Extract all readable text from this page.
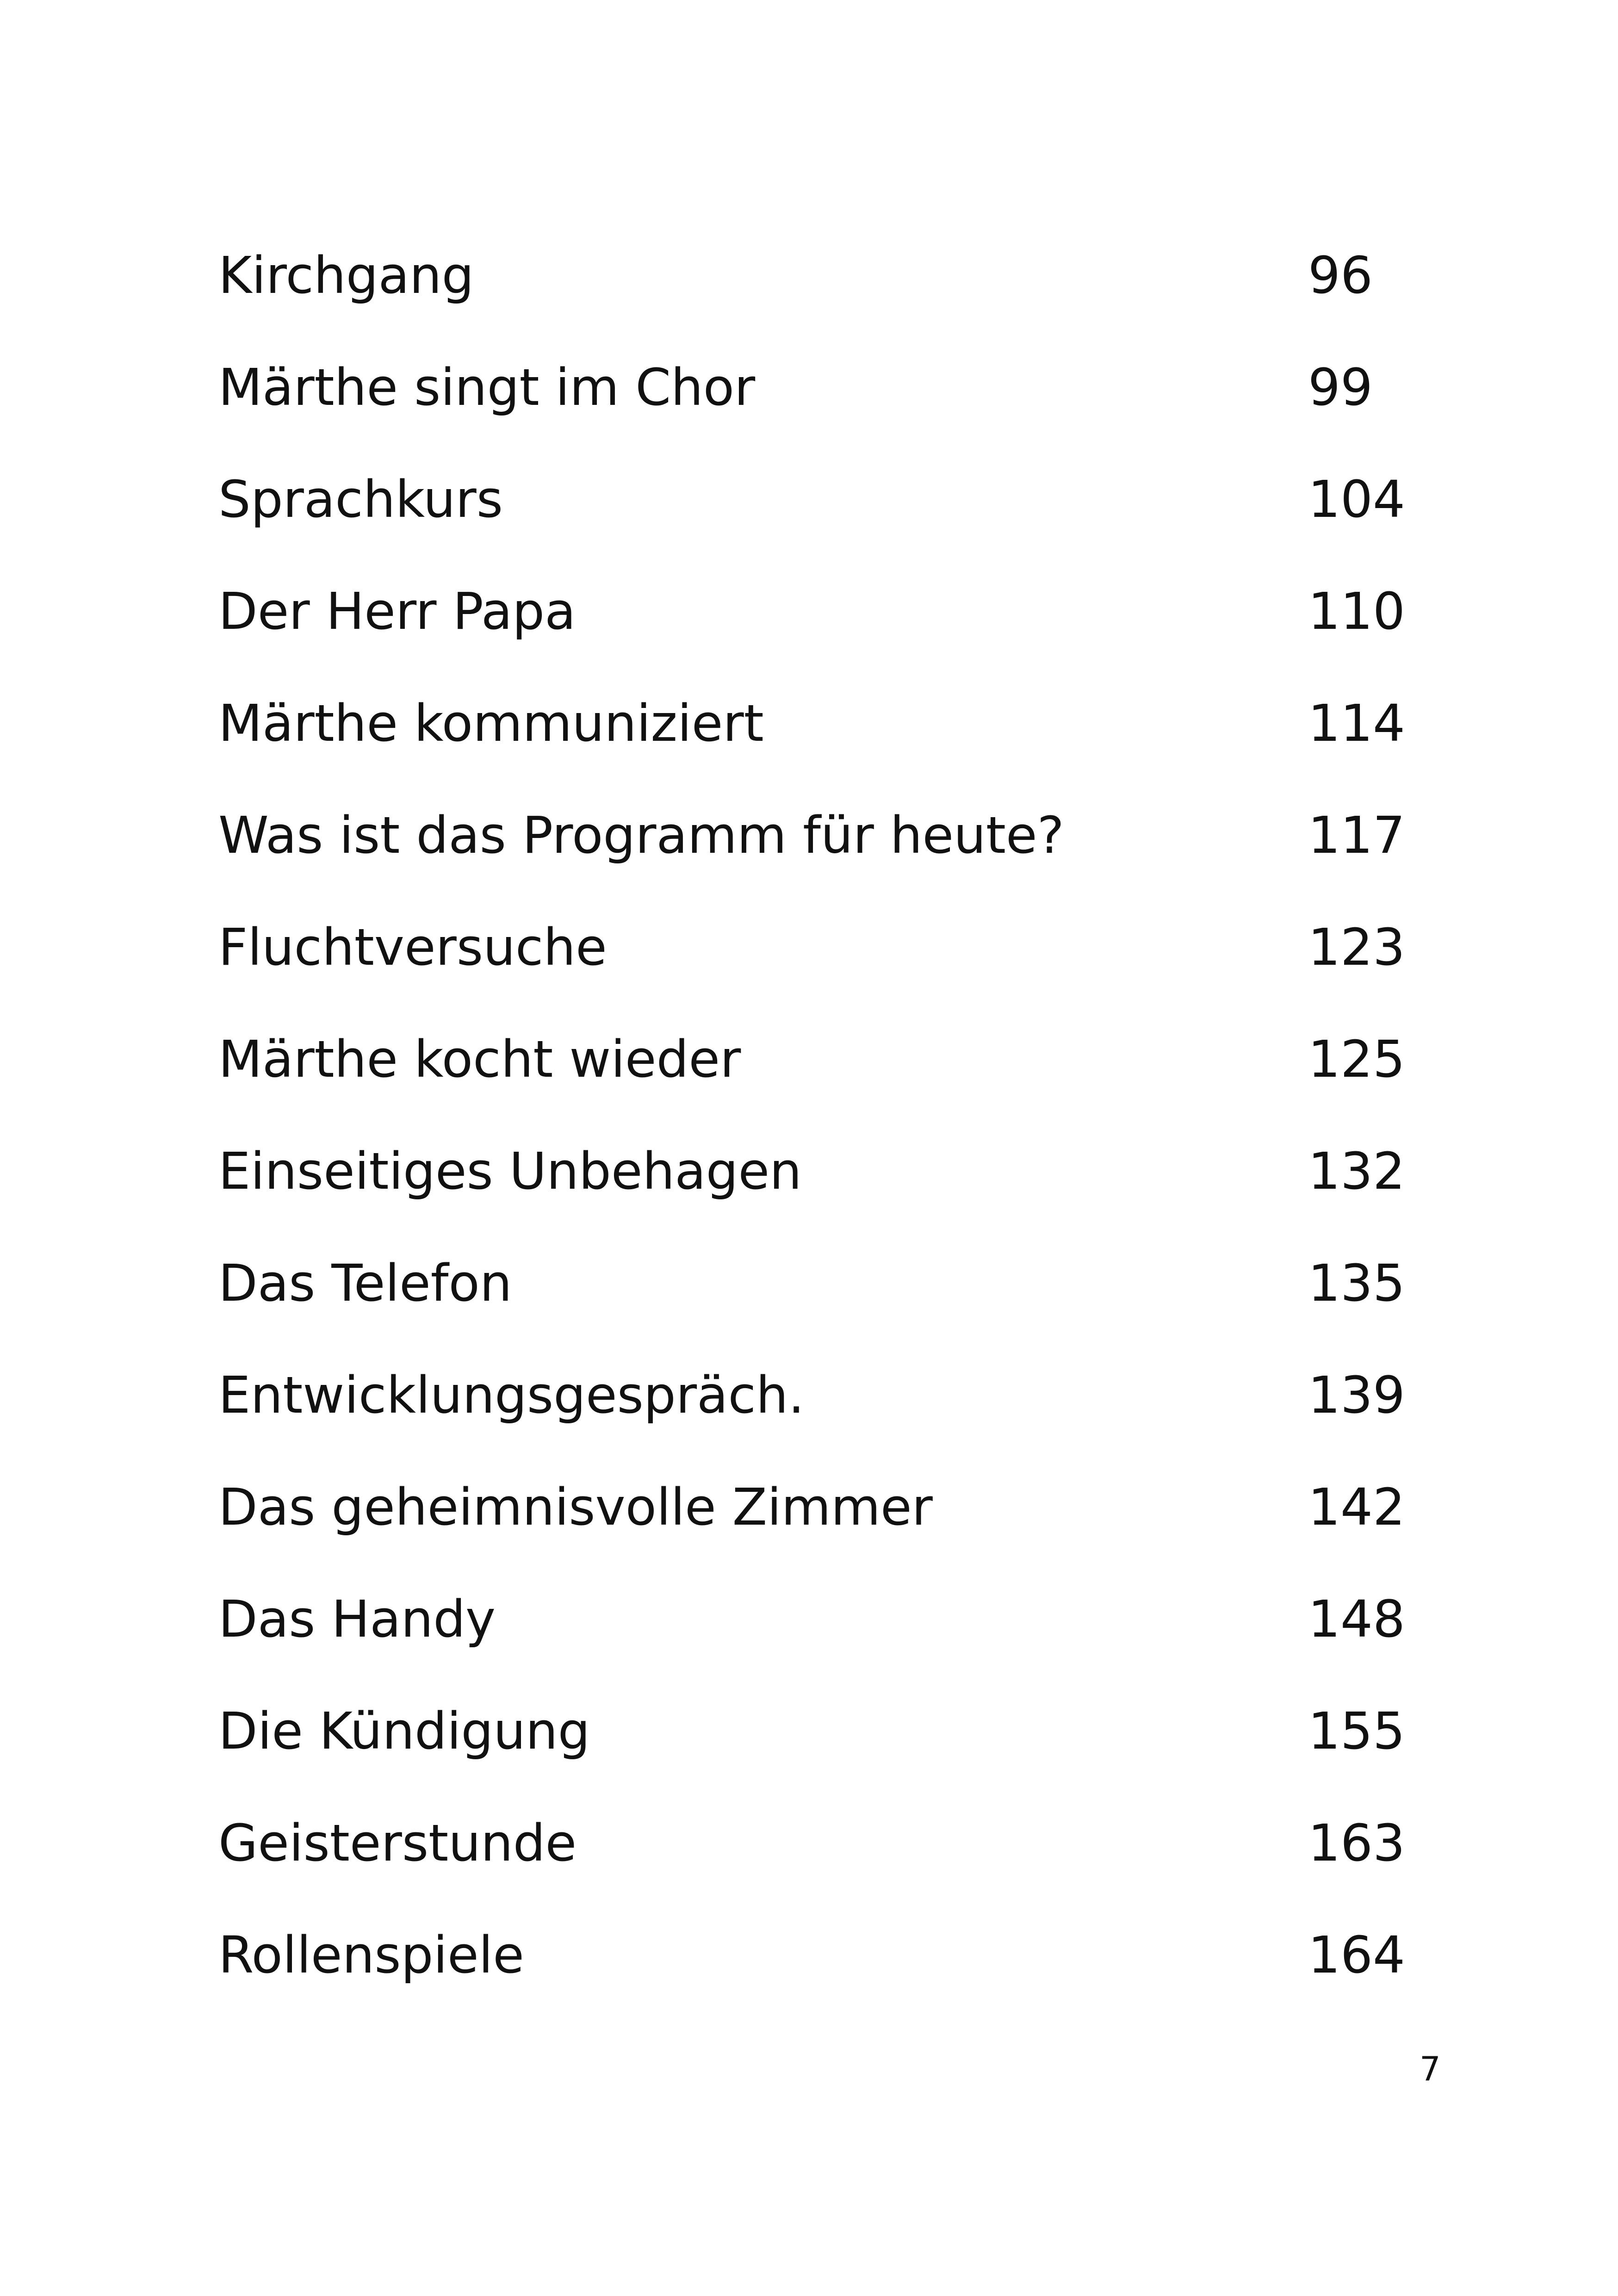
Kirchgang	96
Märthe singt im Chor	99
Sprachkurs	104
Der Herr Papa	110
Märthe kommuniziert	114
Was ist das Programm für heute?	117
Fluchtversuche	123
Märthe kocht wieder	125
Einseitiges Unbehagen	132
Das Telefon	135
Entwicklungsgespräch.	139
Das geheimnisvolle Zimmer	142
Das Handy	148
Die Kündigung	155
Geisterstunde	163
Rollenspiele	164
7
